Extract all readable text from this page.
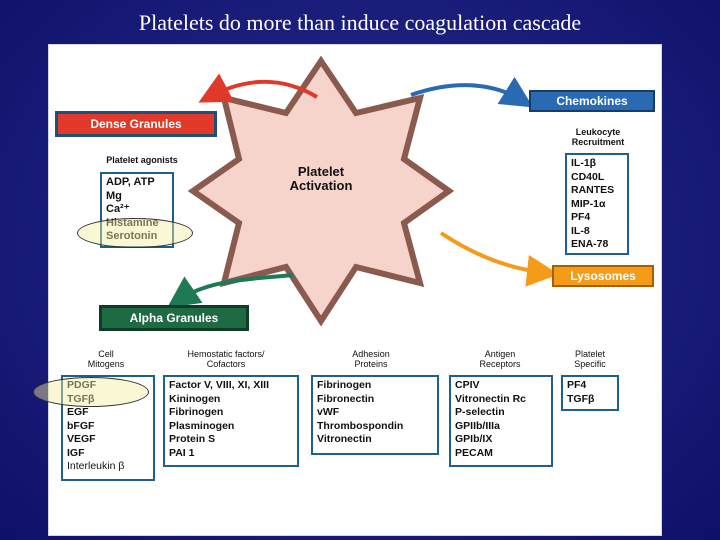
Platelets do more than induce coagulation cascade
Platelet
Activation
Dense Granules
Platelet agonists
ADP, ATP
Mg
Ca²⁺
Histamine
Serotonin
Chemokines
Leukocyte
Recruitment
IL-1β
CD40L
RANTES
MIP-1α
PF4
IL-8
ENA-78
Lysosomes
Alpha Granules
Cell
Mitogens
Hemostatic factors/
Cofactors
Adhesion
Proteins
Antigen
Receptors
Platelet
Specific
PDGF
TGFβ
EGF
bFGF
VEGF
IGF
Interleukin β
Factor V, VIII, XI, XIII
Kininogen
Fibrinogen
Plasminogen
Protein S
PAI 1
Fibrinogen
Fibronectin
vWF
Thrombospondin
Vitronectin
CPIV
Vitronectin Rc
P-selectin
GPIIb/IIIa
GPIb/IX
PECAM
PF4
TGFβ
